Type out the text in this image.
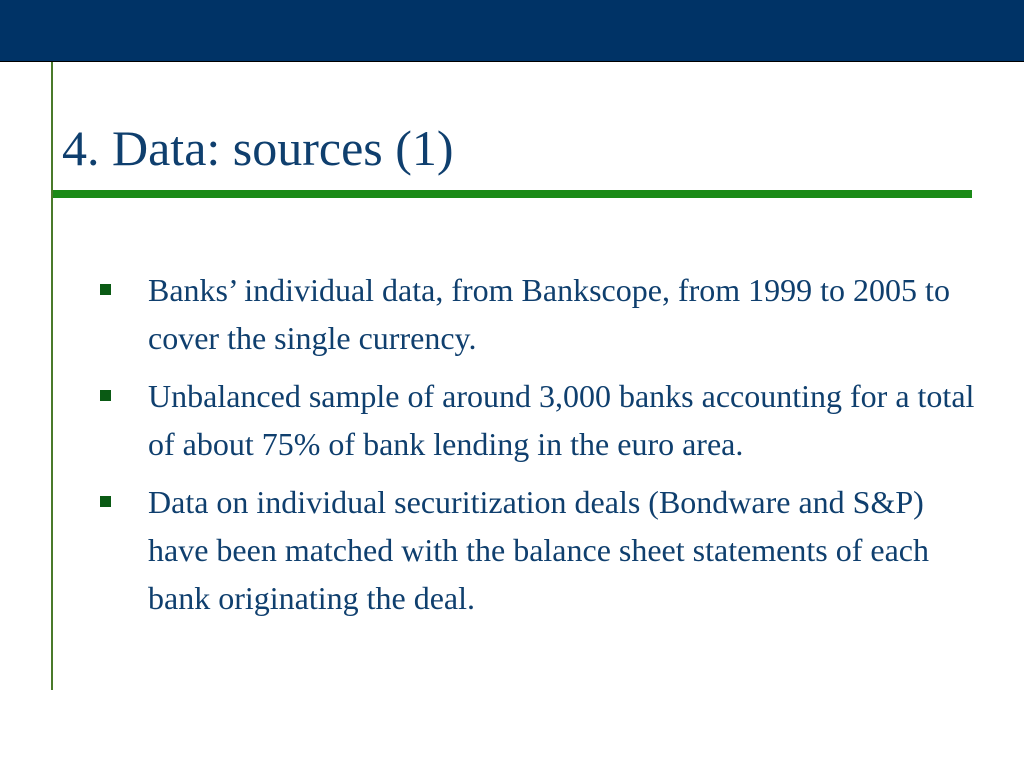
4. Data: sources (1)
Banks’ individual data, from Bankscope, from 1999 to 2005 to cover the single currency.
Unbalanced sample of around 3,000 banks accounting for a total of about 75% of bank lending in the euro area.
Data on individual securitization deals (Bondware and S&P) have been matched with the balance sheet statements of each bank originating the deal.
